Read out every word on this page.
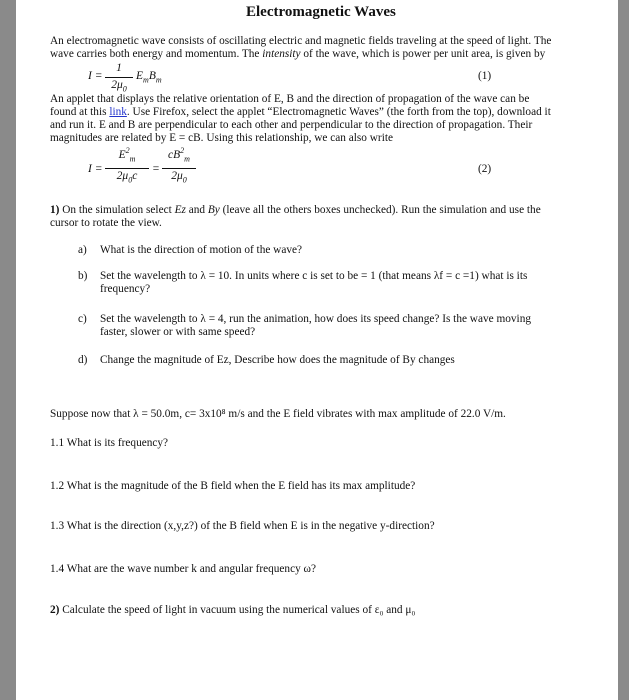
Electromagnetic Waves
An electromagnetic wave consists of oscillating electric and magnetic fields traveling at the speed of light. The
wave carries both energy and momentum. The intensity of the wave, which is power per unit area, is given by
I =
1
$2\mu_0$
$E_mB_m$	(1)
An applet that displays the relative orientation of E, B and the direction of propagation of the wave can be
found at this link. Use Firefox, select the applet “Electromagnetic Waves” (the forth from the top), download it
and run it. E and B are perpendicular to each other and perpendicular to the direction of propagation. Their
magnitudes are related by E = cB. Using this relationship, we can also write
I =
$E^2_m$
$2\mu_0c$
=
$cB^2_m$
$2\mu_0$
(2)
1) On the simulation select Ez and By (leave all the others boxes unchecked). Run the simulation and use the
cursor to rotate the view.
a) What is the direction of motion of the wave?
b) Set the wavelength to λ = 10. In units where c is set to be = 1 (that means λf = c =1) what is its
frequency?
c) Set the wavelength to λ = 4, run the animation, how does its speed change? Is the wave moving
faster, slower or with same speed?
d) Change the magnitude of Ez, Describe how does the magnitude of By changes
Suppose now that λ = 50.0m, c= 3x10⁸ m/s and the E field vibrates with max amplitude of 22.0 V/m.
1.1 What is its frequency?
1.2 What is the magnitude of the B field when the E field has its max amplitude?
1.3 What is the direction (x,y,z?) of the B field when E is in the negative y-direction?
1.4 What are the wave number k and angular frequency ω?
2) Calculate the speed of light in vacuum using the numerical values of ε₀ and μ₀
